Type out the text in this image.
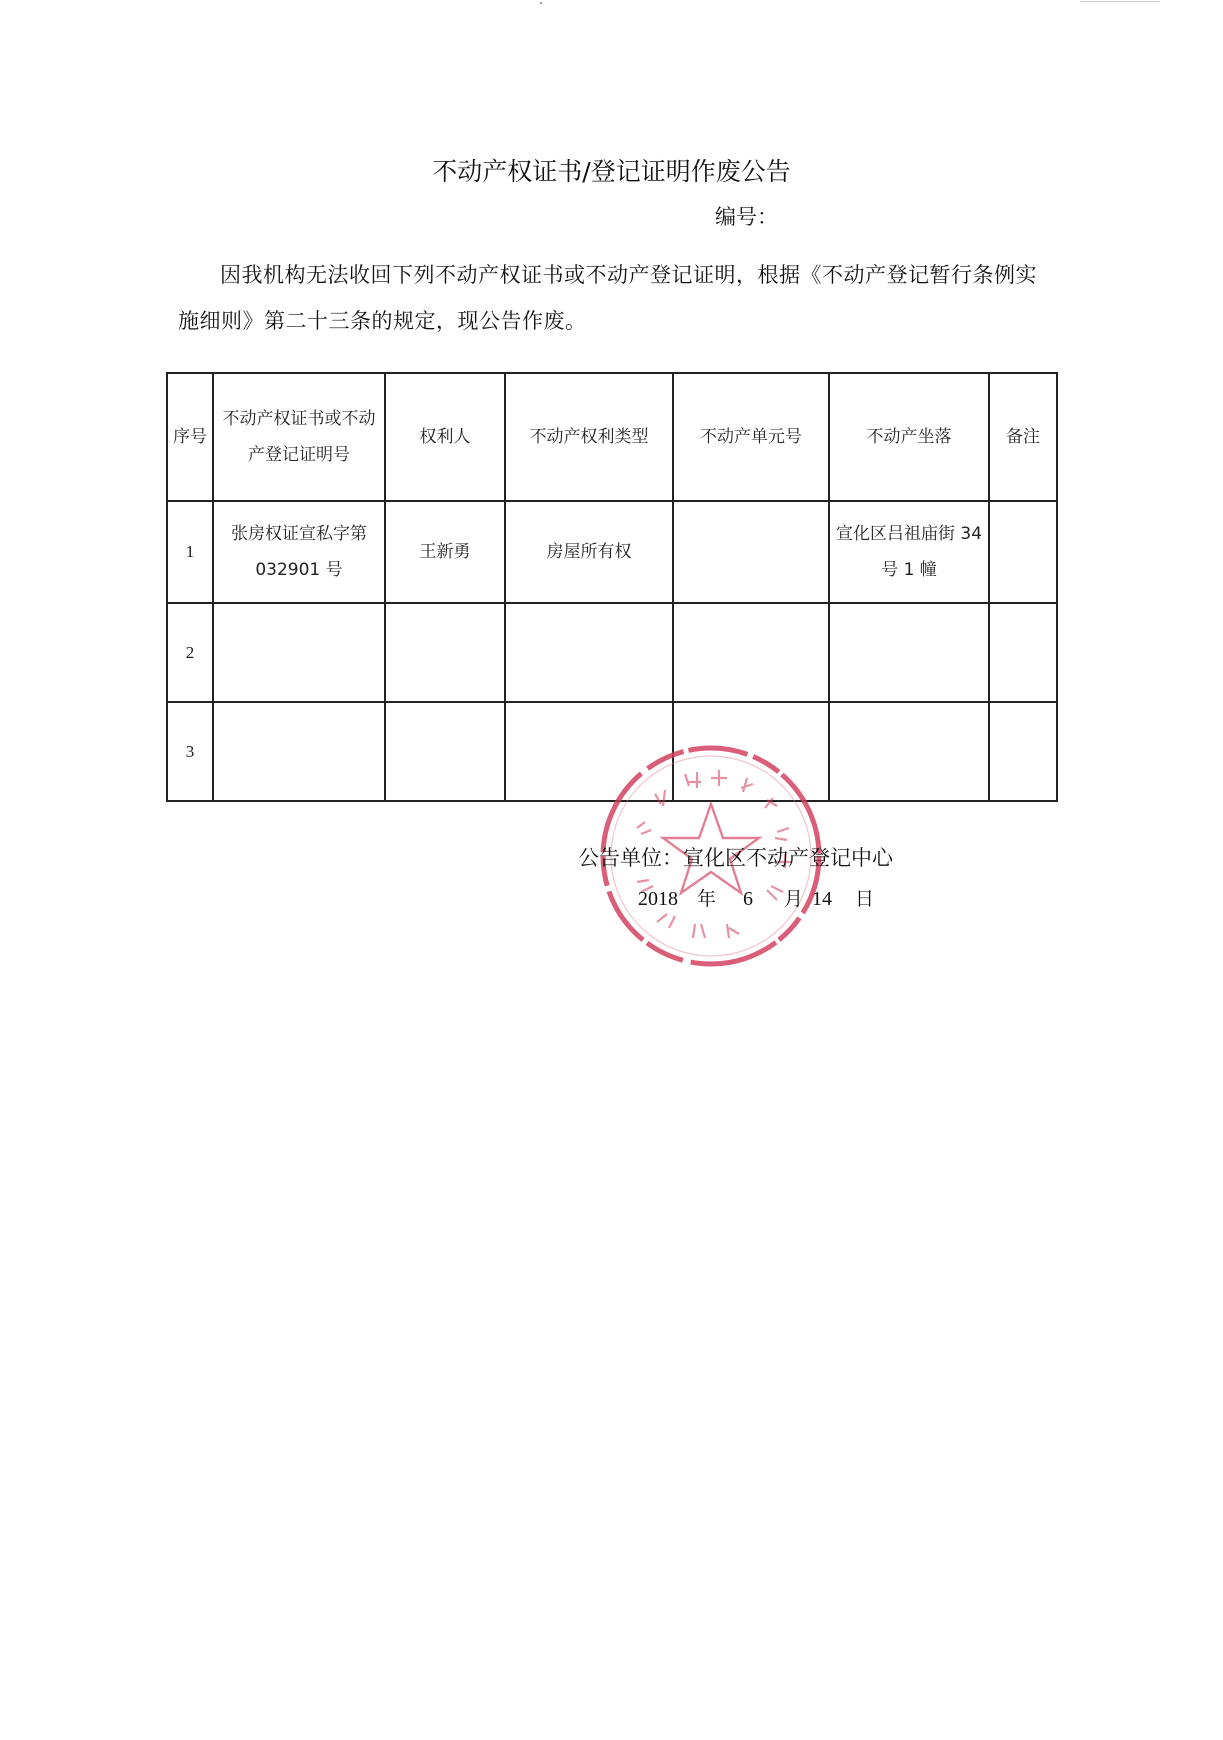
不动产权证书/登记证明作废公告
编号：
因我机构无法收回下列不动产权证书或不动产登记证明，根据《不动产登记暂行条例实施细则》第二十三条的规定，现公告作废。
序号	不动产权证书或不动产登记证明号	权利人	不动产权利类型	不动产单元号	不动产坐落	备注
1	张房权证宣私字第 032901 号	王新勇	房屋所有权		宣化区吕祖庙街 34 号 1 幢	
2						
3						
公告单位：宣化区不动产登记中心
2018 年 6 月 14 日
